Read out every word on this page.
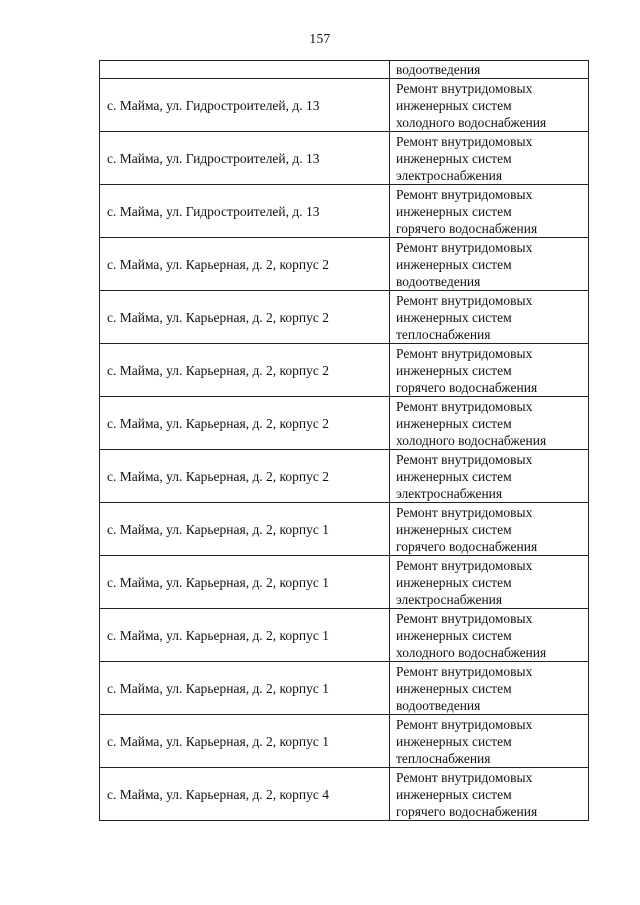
157

	водоотведения

с. Майма, ул. Гидростроителей, д. 13	Ремонт внутридомовых
инженерных систем
холодного водоснабжения

с. Майма, ул. Гидростроителей, д. 13	Ремонт внутридомовых
инженерных систем
электроснабжения

с. Майма, ул. Гидростроителей, д. 13	Ремонт внутридомовых
инженерных систем
горячего водоснабжения

с. Майма, ул. Карьерная, д. 2, корпус 2	Ремонт внутридомовых
инженерных систем
водоотведения

с. Майма, ул. Карьерная, д. 2, корпус 2	Ремонт внутридомовых
инженерных систем
теплоснабжения

с. Майма, ул. Карьерная, д. 2, корпус 2	Ремонт внутридомовых
инженерных систем
горячего водоснабжения

с. Майма, ул. Карьерная, д. 2, корпус 2	Ремонт внутридомовых
инженерных систем
холодного водоснабжения

с. Майма, ул. Карьерная, д. 2, корпус 2	Ремонт внутридомовых
инженерных систем
электроснабжения

с. Майма, ул. Карьерная, д. 2, корпус 1	Ремонт внутридомовых
инженерных систем
горячего водоснабжения

с. Майма, ул. Карьерная, д. 2, корпус 1	Ремонт внутридомовых
инженерных систем
электроснабжения

с. Майма, ул. Карьерная, д. 2, корпус 1	Ремонт внутридомовых
инженерных систем
холодного водоснабжения

с. Майма, ул. Карьерная, д. 2, корпус 1	Ремонт внутридомовых
инженерных систем
водоотведения

с. Майма, ул. Карьерная, д. 2, корпус 1	Ремонт внутридомовых
инженерных систем
теплоснабжения

с. Майма, ул. Карьерная, д. 2, корпус 4	Ремонт внутридомовых
инженерных систем
горячего водоснабжения
